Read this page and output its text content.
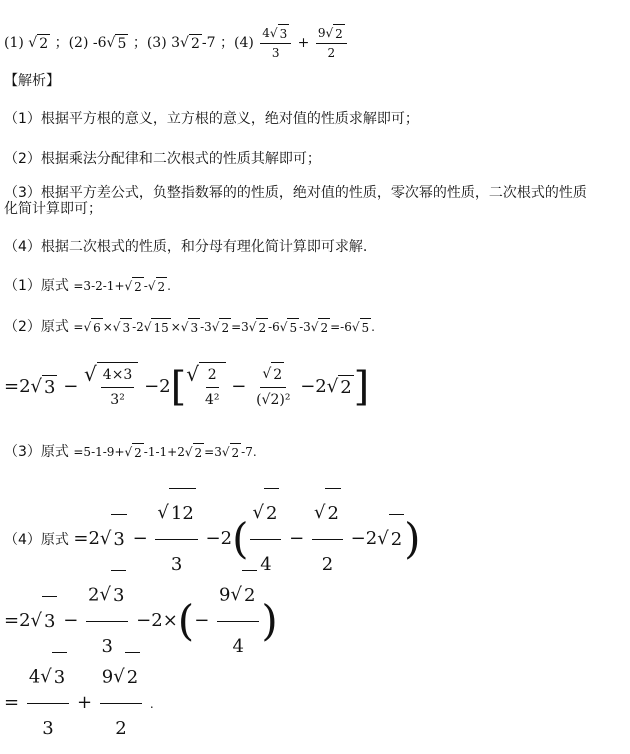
(1) √ 2 ；(2) -6 √ 5 ；(3) 3 √ 2 -7 ；$(4) \frac{4 √ 3}{3} + \frac{9 √ 2}{2}$
【解析】
（1）根据平方根的意义，立方根的意义，绝对值的性质求解即可；
（2）根据乘法分配律和二次根式的性质其解即可；
（3）根据平方差公式，负整指数幂的的性质，绝对值的性质，零次幂的性质，二次根式的性质
化简计算即可；
（4）根据二次根式的性质，和分母有理化简计算即可求解.
（1）原式 =3-2-1+ √ 2 - √ 2 .
（2）原式 = √ 6 × √ 3 -2 √ 15 × √ 3 -3 √ 2 =3 √ 2 -6 √ 5 -3 √ 2 =-6 √ 5 .
=2 √ 3 −
√ $\frac{4\times 3}{\text{3²}} -2$[ √ $\frac{2}{\text{4²}} - \frac{√ 2}{\text{(√2)²}} -2$ √ 2 ]
（3）原式 =5-1-9+ √ 2 -1-1+2 √ 2 =3 √ 2 -7.
（4）原式 =2 √ $3 - \frac{√ 12}{3} -2( \frac{√ 2}{4} - \frac{√ 2}{2} -2$ √ 2 )
=2 √ $3 - \frac{2 √ 3}{3} -2\times(- \frac{9 √ 2}{4}$ )
= $\frac{4 √ 3}{3} + \frac{9 √ 2}{2}$ .
